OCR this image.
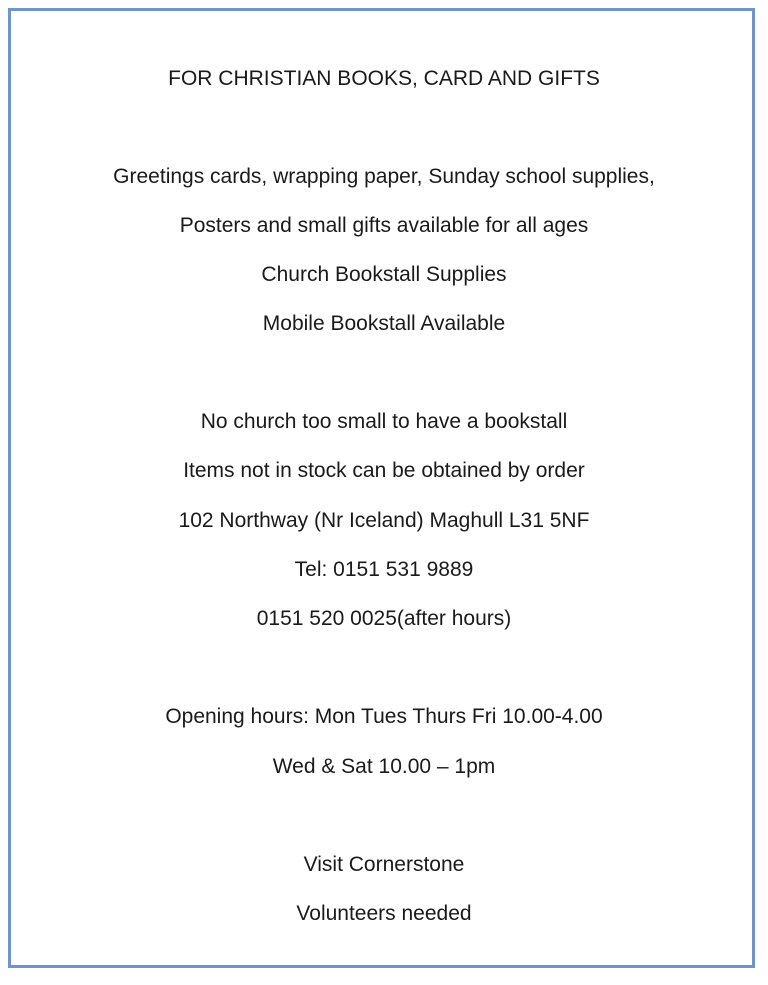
FOR CHRISTIAN BOOKS, CARD AND GIFTS
Greetings cards, wrapping paper, Sunday school supplies,
Posters and small gifts available for all ages
Church Bookstall Supplies
Mobile Bookstall Available
No church too small to have a bookstall
Items not in stock can be obtained by order
102 Northway (Nr Iceland) Maghull L31 5NF
Tel: 0151 531 9889
0151 520 0025(after hours)
Opening hours: Mon Tues Thurs Fri 10.00-4.00
Wed & Sat 10.00 – 1pm
Visit Cornerstone
Volunteers needed
